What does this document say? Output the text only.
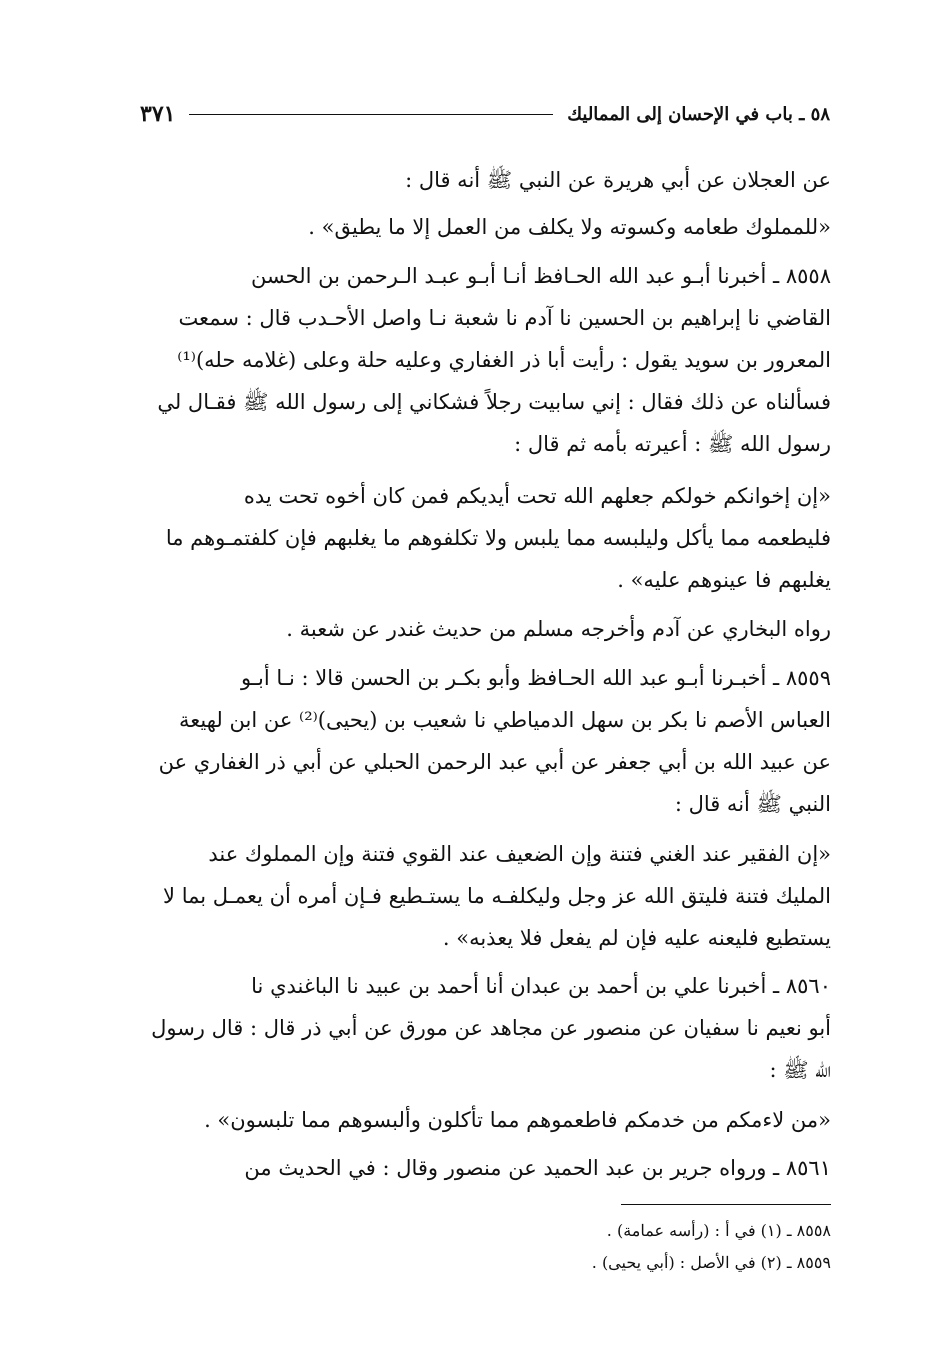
٥٨ ـ باب في الإحسان إلى المماليك
٣٧١
عن العجلان عن أبي هريرة عن النبي ﷺ أنه قال :
«للمملوك طعامه وكسوته ولا يكلف من العمل إلا ما يطيق» .
٨٥٥٨ ـ أخبرنا أبـو عبد الله الحـافظ أنـا أبـو عبـد الـرحمن بن الحسن
القاضي نا إبراهيم بن الحسين نا آدم نا شعبة نـا واصل الأحـدب قال : سمعت
المعرور بن سويد يقول : رأيت أبا ذر الغفاري وعليه حلة وعلى (غلامه حله)⁽¹⁾
فسألناه عن ذلك فقال : إني سابيت رجلاً فشكاني إلى رسول الله ﷺ فقـال لي
رسول الله ﷺ : أعيرته بأمه ثم قال :
«إن إخوانكم خولكم جعلهم الله تحت أيديكم فمن كان أخوه تحت يده
فليطعمه مما يأكل وليلبسه مما يلبس ولا تكلفوهم ما يغلبهم فإن كلفتمـوهم ما
يغلبهم فا عينوهم عليه» .
رواه البخاري عن آدم وأخرجه مسلم من حديث غندر عن شعبة .
٨٥٥٩ ـ أخبـرنا أبـو عبد الله الحـافظ وأبو بكـر بن الحسن قالا : نـا أبـو
العباس الأصم نا بكر بن سهل الدمياطي نا شعيب بن (يحيى)⁽²⁾ عن ابن لهيعة
عن عبيد الله بن أبي جعفر عن أبي عبد الرحمن الحبلي عن أبي ذر الغفاري عن
النبي ﷺ أنه قال :
«إن الفقير عند الغني فتنة وإن الضعيف عند القوي فتنة وإن المملوك عند
المليك فتنة فليتق الله عز وجل وليكلفـه ما يستـطيع فـإن أمره أن يعمـل بما لا
يستطيع فليعنه عليه فإن لم يفعل فلا يعذبه» .
٨٥٦٠ ـ أخبرنا علي بن أحمد بن عبدان أنا أحمد بن عبيد نا الباغندي نا
أبو نعيم نا سفيان عن منصور عن مجاهد عن مورق عن أبي ذر قال : قال رسول
الله ﷺ :
«من لاءمكم من خدمكم فاطعموهم مما تأكلون وألبسوهم مما تلبسون» .
٨٥٦١ ـ ورواه جرير بن عبد الحميد عن منصور وقال : في الحديث من
٨٥٥٨ ـ (١) في أ : (رأسه عمامة) .
٨٥٥٩ ـ (٢) في الأصل : (أبي يحيى) .
